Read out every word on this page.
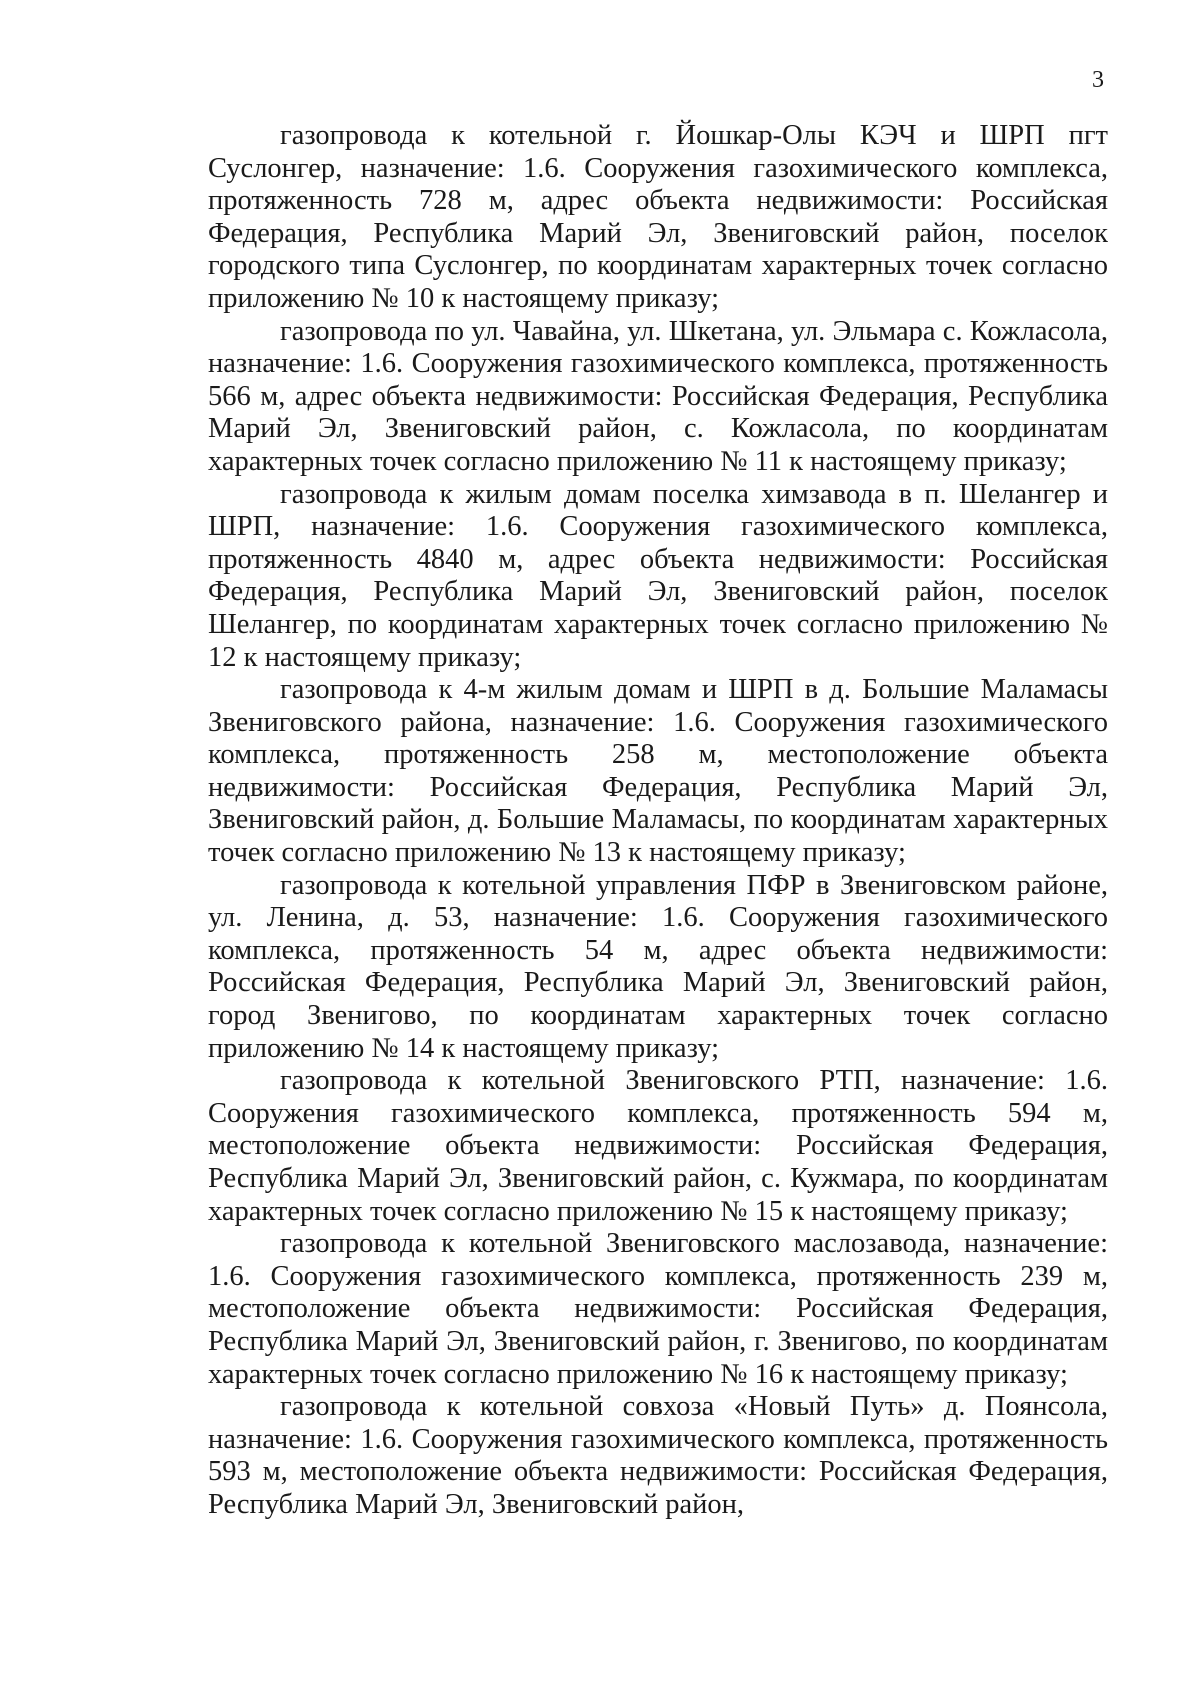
3

газопровода к котельной г. Йошкар-Олы КЭЧ и ШРП пгт Суслонгер, назначение: 1.6. Сооружения газохимического комплекса, протяженность 728 м, адрес объекта недвижимости: Российская Федерация, Республика Марий Эл, Звениговский район, поселок городского типа Суслонгер, по координатам характерных точек согласно приложению № 10 к настоящему приказу;

газопровода по ул. Чавайна, ул. Шкетана, ул. Эльмара с. Кожласола, назначение: 1.6. Сооружения газохимического комплекса, протяженность 566 м, адрес объекта недвижимости: Российская Федерация, Республика Марий Эл, Звениговский район, с. Кожласола, по координатам характерных точек согласно приложению № 11 к настоящему приказу;

газопровода к жилым домам поселка химзавода в п. Шелангер и ШРП, назначение: 1.6. Сооружения газохимического комплекса, протяженность 4840 м, адрес объекта недвижимости: Российская Федерация, Республика Марий Эл, Звениговский район, поселок Шелангер, по координатам характерных точек согласно приложению № 12 к настоящему приказу;

газопровода к 4-м жилым домам и ШРП в д. Большие Маламасы Звениговского района, назначение: 1.6. Сооружения газохимического комплекса, протяженность 258 м, местоположение объекта недвижимости: Российская Федерация, Республика Марий Эл, Звениговский район, д. Большие Маламасы, по координатам характерных точек согласно приложению № 13 к настоящему приказу;

газопровода к котельной управления ПФР в Звениговском районе, ул. Ленина, д. 53, назначение: 1.6. Сооружения газохимического комплекса, протяженность 54 м, адрес объекта недвижимости: Российская Федерация, Республика Марий Эл, Звениговский район, город Звенигово, по координатам характерных точек согласно приложению № 14 к настоящему приказу;

газопровода к котельной Звениговского РТП, назначение: 1.6. Сооружения газохимического комплекса, протяженность 594 м, местоположение объекта недвижимости: Российская Федерация, Республика Марий Эл, Звениговский район, с. Кужмара, по координатам характерных точек согласно приложению № 15 к настоящему приказу;

газопровода к котельной Звениговского маслозавода, назначение: 1.6. Сооружения газохимического комплекса, протяженность 239 м, местоположение объекта недвижимости: Российская Федерация, Республика Марий Эл, Звениговский район, г. Звенигово, по координатам характерных точек согласно приложению № 16 к настоящему приказу;

газопровода к котельной совхоза «Новый Путь» д. Поянсола, назначение: 1.6. Сооружения газохимического комплекса, протяженность 593 м, местоположение объекта недвижимости: Российская Федерация, Республика Марий Эл, Звениговский район,
